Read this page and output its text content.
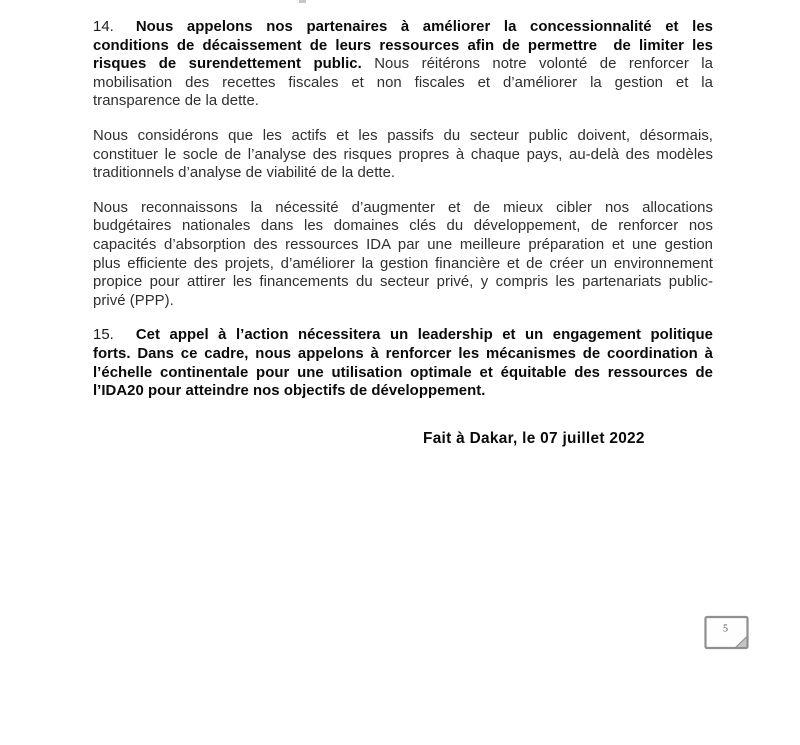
14. Nous appelons nos partenaires à améliorer la concessionnalité et les
conditions de décaissement de leurs ressources afin de permettre  de limiter les
risques de surendettement public. Nous réitérons notre volonté de renforcer la
mobilisation des recettes fiscales et non fiscales et d’améliorer la gestion et la
transparence de la dette.
Nous considérons que les actifs et les passifs du secteur public doivent, désormais,
constituer le socle de l’analyse des risques propres à chaque pays, au-delà des modèles
traditionnels d’analyse de viabilité de la dette.
Nous reconnaissons la nécessité d’augmenter et de mieux cibler nos allocations
budgétaires nationales dans les domaines clés du développement, de renforcer nos
capacités d’absorption des ressources IDA par une meilleure préparation et une gestion
plus efficiente des projets, d’améliorer la gestion financière et de créer un environnement
propice pour attirer les financements du secteur privé, y compris les partenariats public-
privé (PPP).
15. Cet appel à l’action nécessitera un leadership et un engagement politique
forts. Dans ce cadre, nous appelons à renforcer les mécanismes de coordination à
l’échelle continentale pour une utilisation optimale et équitable des ressources de
l’IDA20 pour atteindre nos objectifs de développement.
Fait à Dakar, le 07 juillet 2022
5
